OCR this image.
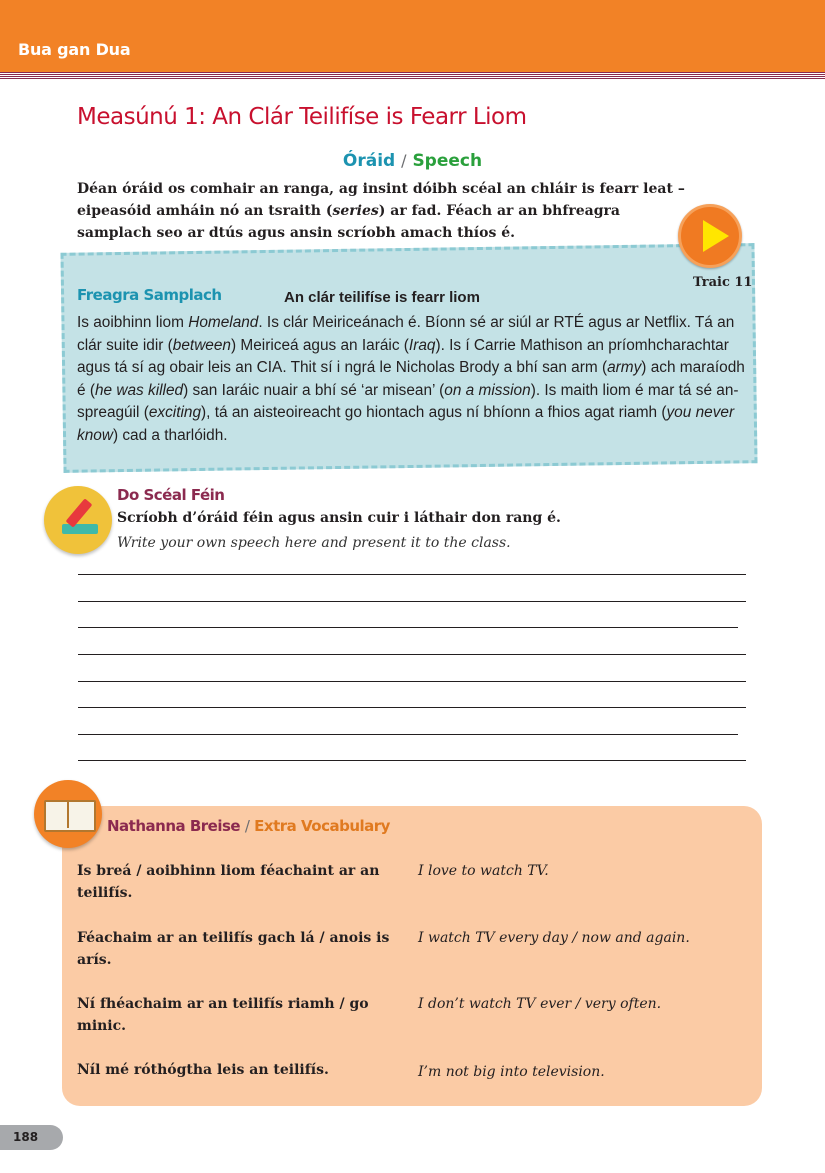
Bua gan Dua
Measúnú 1: An Clár Teilifíse is Fearr Liom
Óráid / Speech
Déan óráid os comhair an ranga, ag insint dóibh scéal an chláir is fearr leat –
eipeasóid amháin nó an tsraith (series) ar fad. Féach ar an bhfreagra
samplach seo ar dtús agus ansin scríobh amach thíos é.
Traic 11
Freagra Samplach	An clár teilifíse is fearr liom
Is aoibhinn liom Homeland. Is clár Meiriceánach é. Bíonn sé ar siúl ar RTÉ agus ar Netflix. Tá an clár suite idir (between) Meiriceá agus an Iaráic (Iraq). Is í Carrie Mathison an príomhcharachtar agus tá sí ag obair leis an CIA. Thit sí i ngrá le Nicholas Brody a bhí san arm (army) ach maraíodh é (he was killed) san Iaráic nuair a bhí sé ‘ar misean’ (on a mission). Is maith liom é mar tá sé an-spreagúil (exciting), tá an aisteoireacht go hiontach agus ní bhíonn a fhios agat riamh (you never know) cad a tharlóidh.
Do Scéal Féin
Scríobh d’óráid féin agus ansin cuir i láthair don rang é.
Write your own speech here and present it to the class.
Nathanna Breise / Extra Vocabulary
Is breá / aoibhinn liom féachaint ar an teilifís.
I love to watch TV.
Féachaim ar an teilifís gach lá / anois is arís.
I watch TV every day / now and again.
Ní fhéachaim ar an teilifís riamh / go minic.
I don’t watch TV ever / very often.
Níl mé róthógtha leis an teilifís.	I’m not big into television.
188
